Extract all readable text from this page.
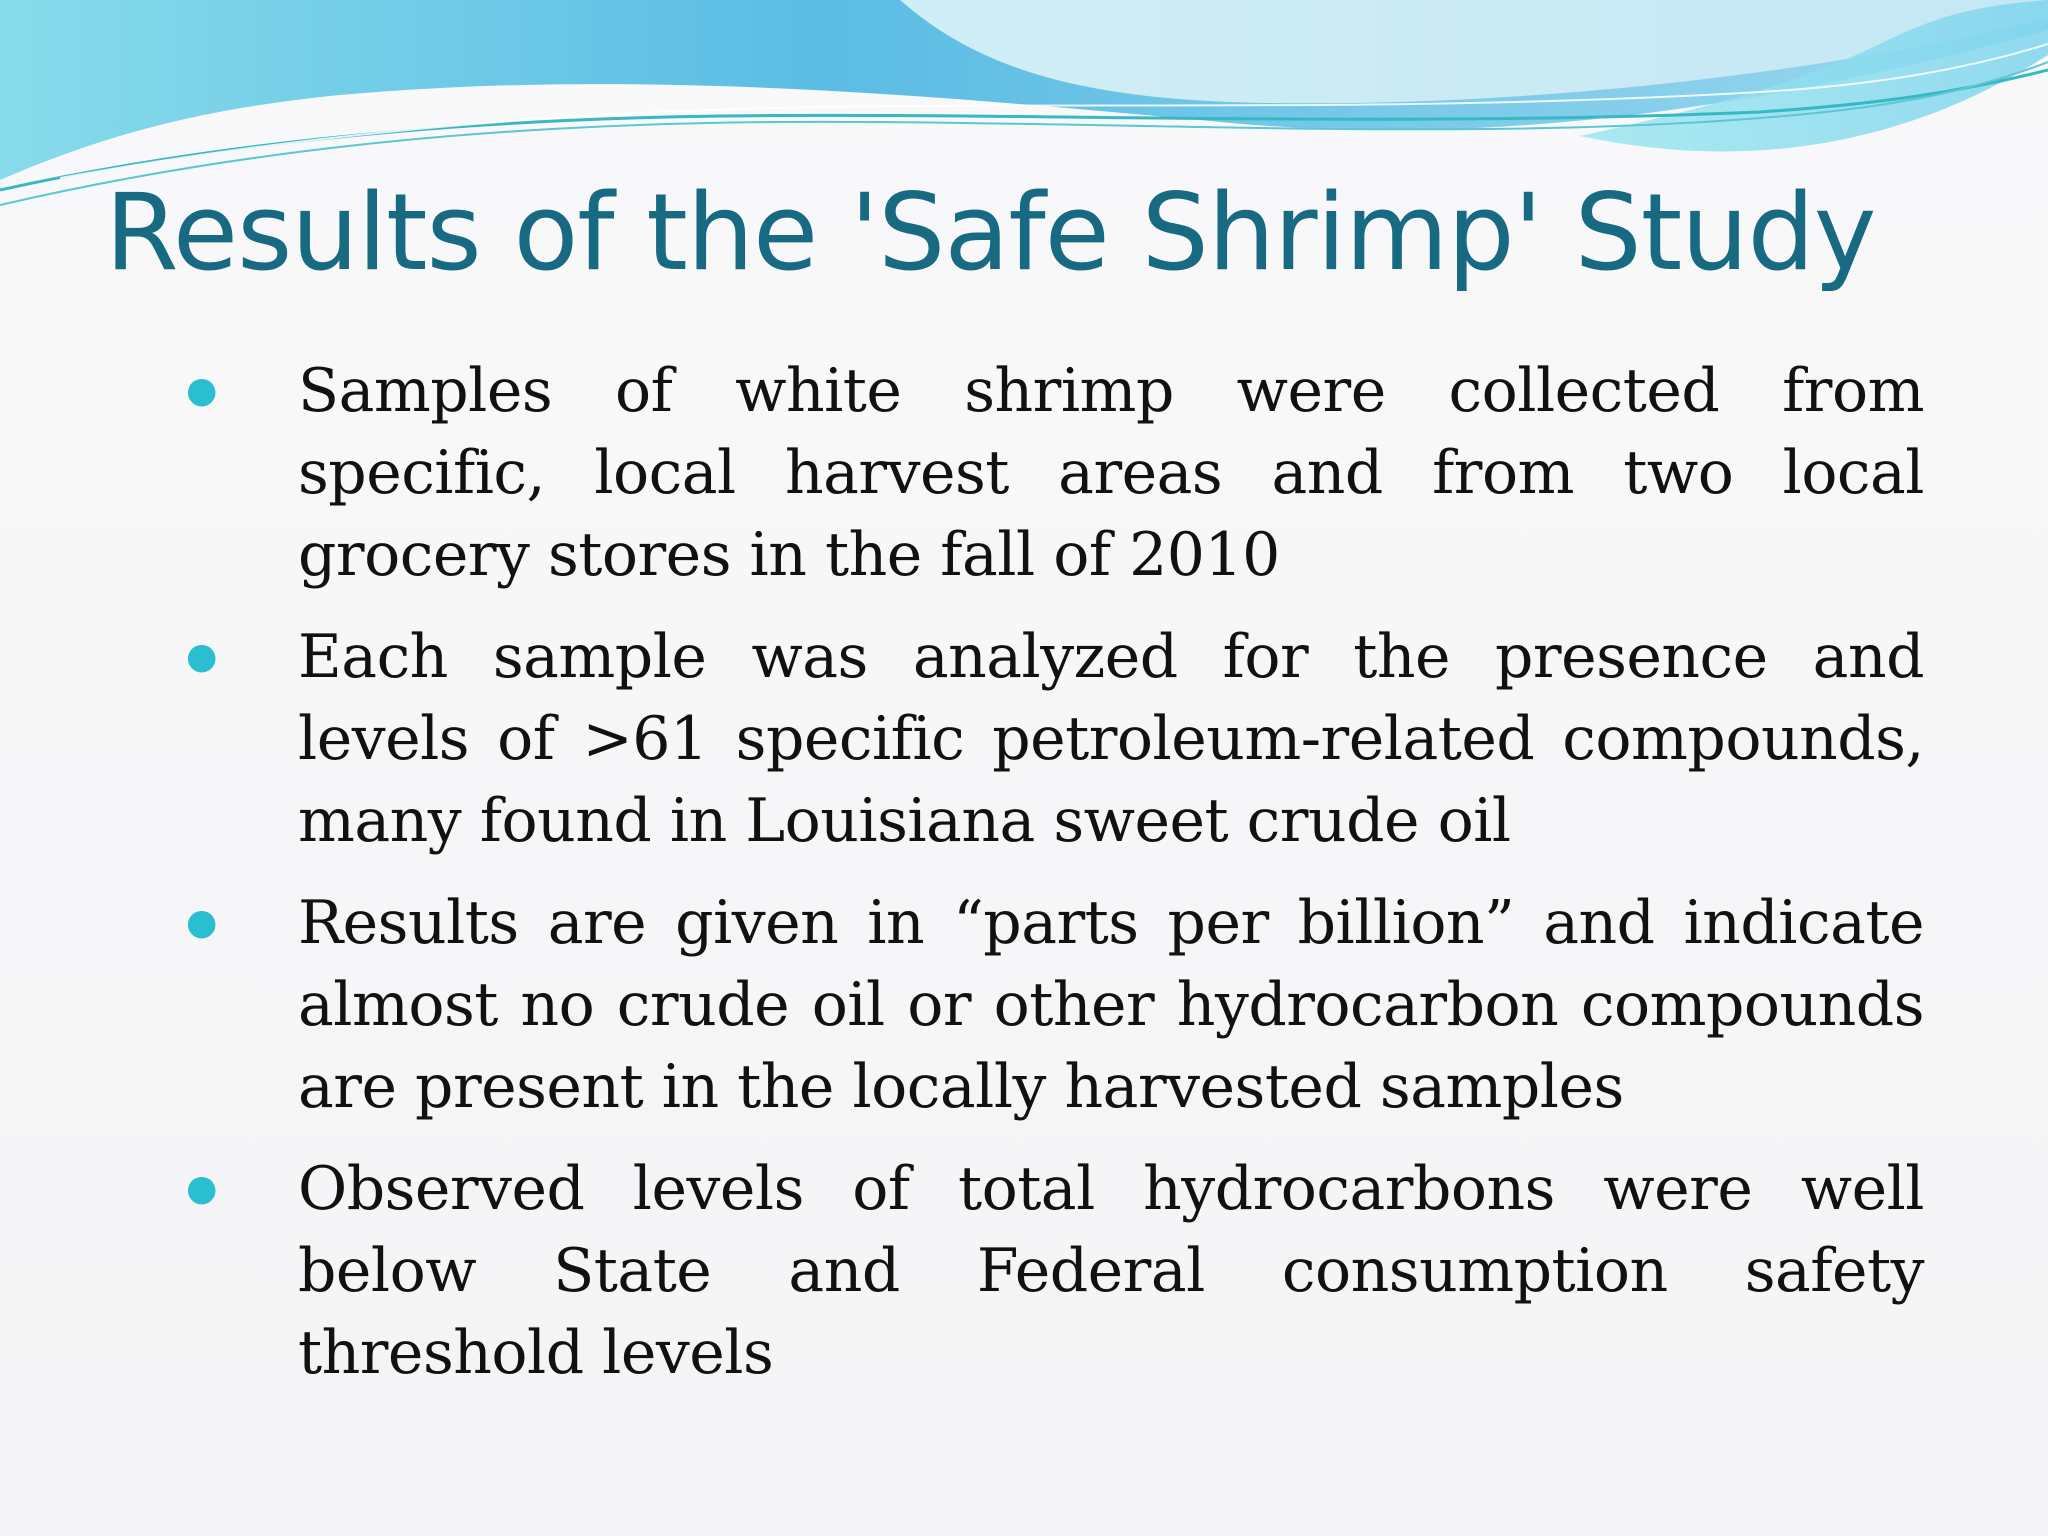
Results of the 'Safe Shrimp' Study
● Samples of white shrimp were collected from specific, local harvest areas and from two local grocery stores in the fall of 2010
● Each sample was analyzed for the presence and levels of >61 specific petroleum-related compounds, many found in Louisiana sweet crude oil
● Results are given in “parts per billion” and indicate almost no crude oil or other hydrocarbon compounds are present in the locally harvested samples
● Observed levels of total hydrocarbons were well below State and Federal consumption safety threshold levels
